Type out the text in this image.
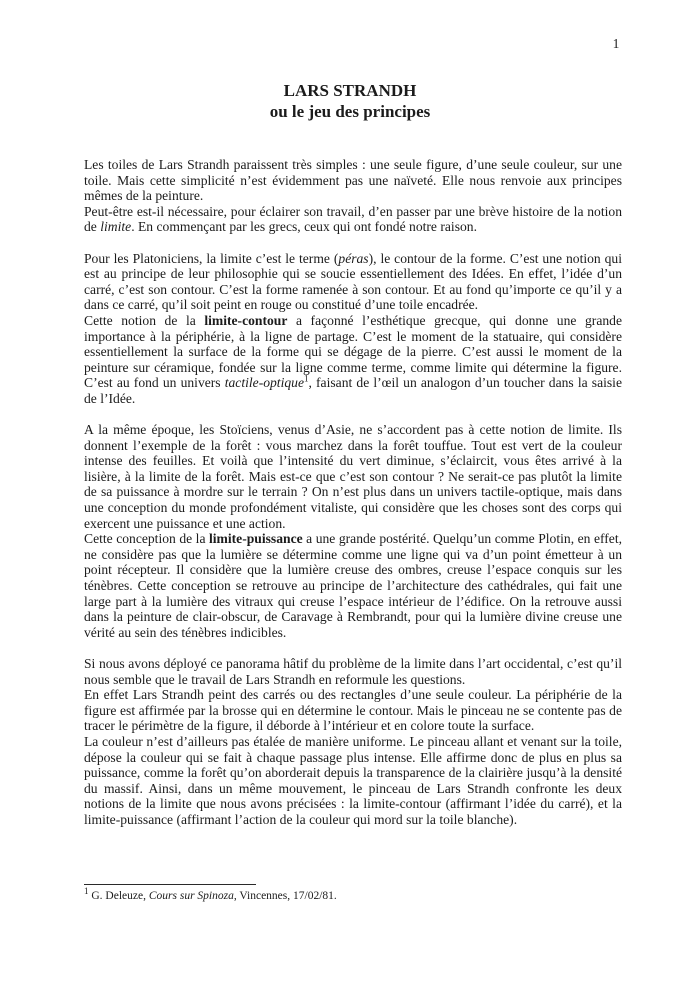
1
LARS STRANDH
ou le jeu des principes

Les toiles de Lars Strandh paraissent très simples : une seule figure, d’une seule couleur, sur une toile. Mais cette simplicité n’est évidemment pas une naïveté. Elle nous renvoie aux principes mêmes de la peinture.

Peut-être est-il nécessaire, pour éclairer son travail, d’en passer par une brève histoire de la notion de limite. En commençant par les grecs, ceux qui ont fondé notre raison.

Pour les Platoniciens, la limite c’est le terme (péras), le contour de la forme. C’est une notion qui est au principe de leur philosophie qui se soucie essentiellement des Idées. En effet, l’idée d’un carré, c’est son contour. C’est la forme ramenée à son contour. Et au fond qu’importe ce qu’il y a dans ce carré, qu’il soit peint en rouge ou constitué d’une toile encadrée.

Cette notion de la limite-contour a façonné l’esthétique grecque, qui donne une grande importance à la périphérie, à la ligne de partage. C’est le moment de la statuaire, qui considère essentiellement la surface de la forme qui se dégage de la pierre. C’est aussi le moment de la peinture sur céramique, fondée sur la ligne comme terme, comme limite qui détermine la figure. C’est au fond un univers tactile-optique$^1$, faisant de l’œil un analogon d’un toucher dans la saisie de l’Idée.

A la même époque, les Stoïciens, venus d’Asie, ne s’accordent pas à cette notion de limite. Ils donnent l’exemple de la forêt : vous marchez dans la forêt touffue. Tout est vert de la couleur intense des feuilles. Et voilà que l’intensité du vert diminue, s’éclaircit, vous êtes arrivé à la lisière, à la limite de la forêt. Mais est-ce que c’est son contour ? Ne serait-ce pas plutôt la limite de sa puissance à mordre sur le terrain ? On n’est plus dans un univers tactile-optique, mais dans une conception du monde profondément vitaliste, qui considère que les choses sont des corps qui exercent une puissance et une action.

Cette conception de la limite-puissance a une grande postérité. Quelqu’un comme Plotin, en effet, ne considère pas que la lumière se détermine comme une ligne qui va d’un point émetteur à un point récepteur. Il considère que la lumière creuse des ombres, creuse l’espace conquis sur les ténèbres. Cette conception se retrouve au principe de l’architecture des cathédrales, qui fait une large part à la lumière des vitraux qui creuse l’espace intérieur de l’édifice. On la retrouve aussi dans la peinture de clair-obscur, de Caravage à Rembrandt, pour qui la lumière divine creuse une vérité au sein des ténèbres indicibles.

Si nous avons déployé ce panorama hâtif du problème de la limite dans l’art occidental, c’est qu’il nous semble que le travail de Lars Strandh en reformule les questions.

En effet Lars Strandh peint des carrés ou des rectangles d’une seule couleur. La périphérie de la figure est affirmée par la brosse qui en détermine le contour. Mais le pinceau ne se contente pas de tracer le périmètre de la figure, il déborde à l’intérieur et en colore toute la surface.

La couleur n’est d’ailleurs pas étalée de manière uniforme. Le pinceau allant et venant sur la toile, dépose la couleur qui se fait à chaque passage plus intense. Elle affirme donc de plus en plus sa puissance, comme la forêt qu’on aborderait depuis la transparence de la clairière jusqu’à la densité du massif. Ainsi, dans un même mouvement, le pinceau de Lars Strandh confronte les deux notions de la limite que nous avons précisées : la limite-contour (affirmant l’idée du carré), et la limite-puissance (affirmant l’action de la couleur qui mord sur la toile blanche).

$^1$ G. Deleuze, Cours sur Spinoza, Vincennes, 17/02/81.
